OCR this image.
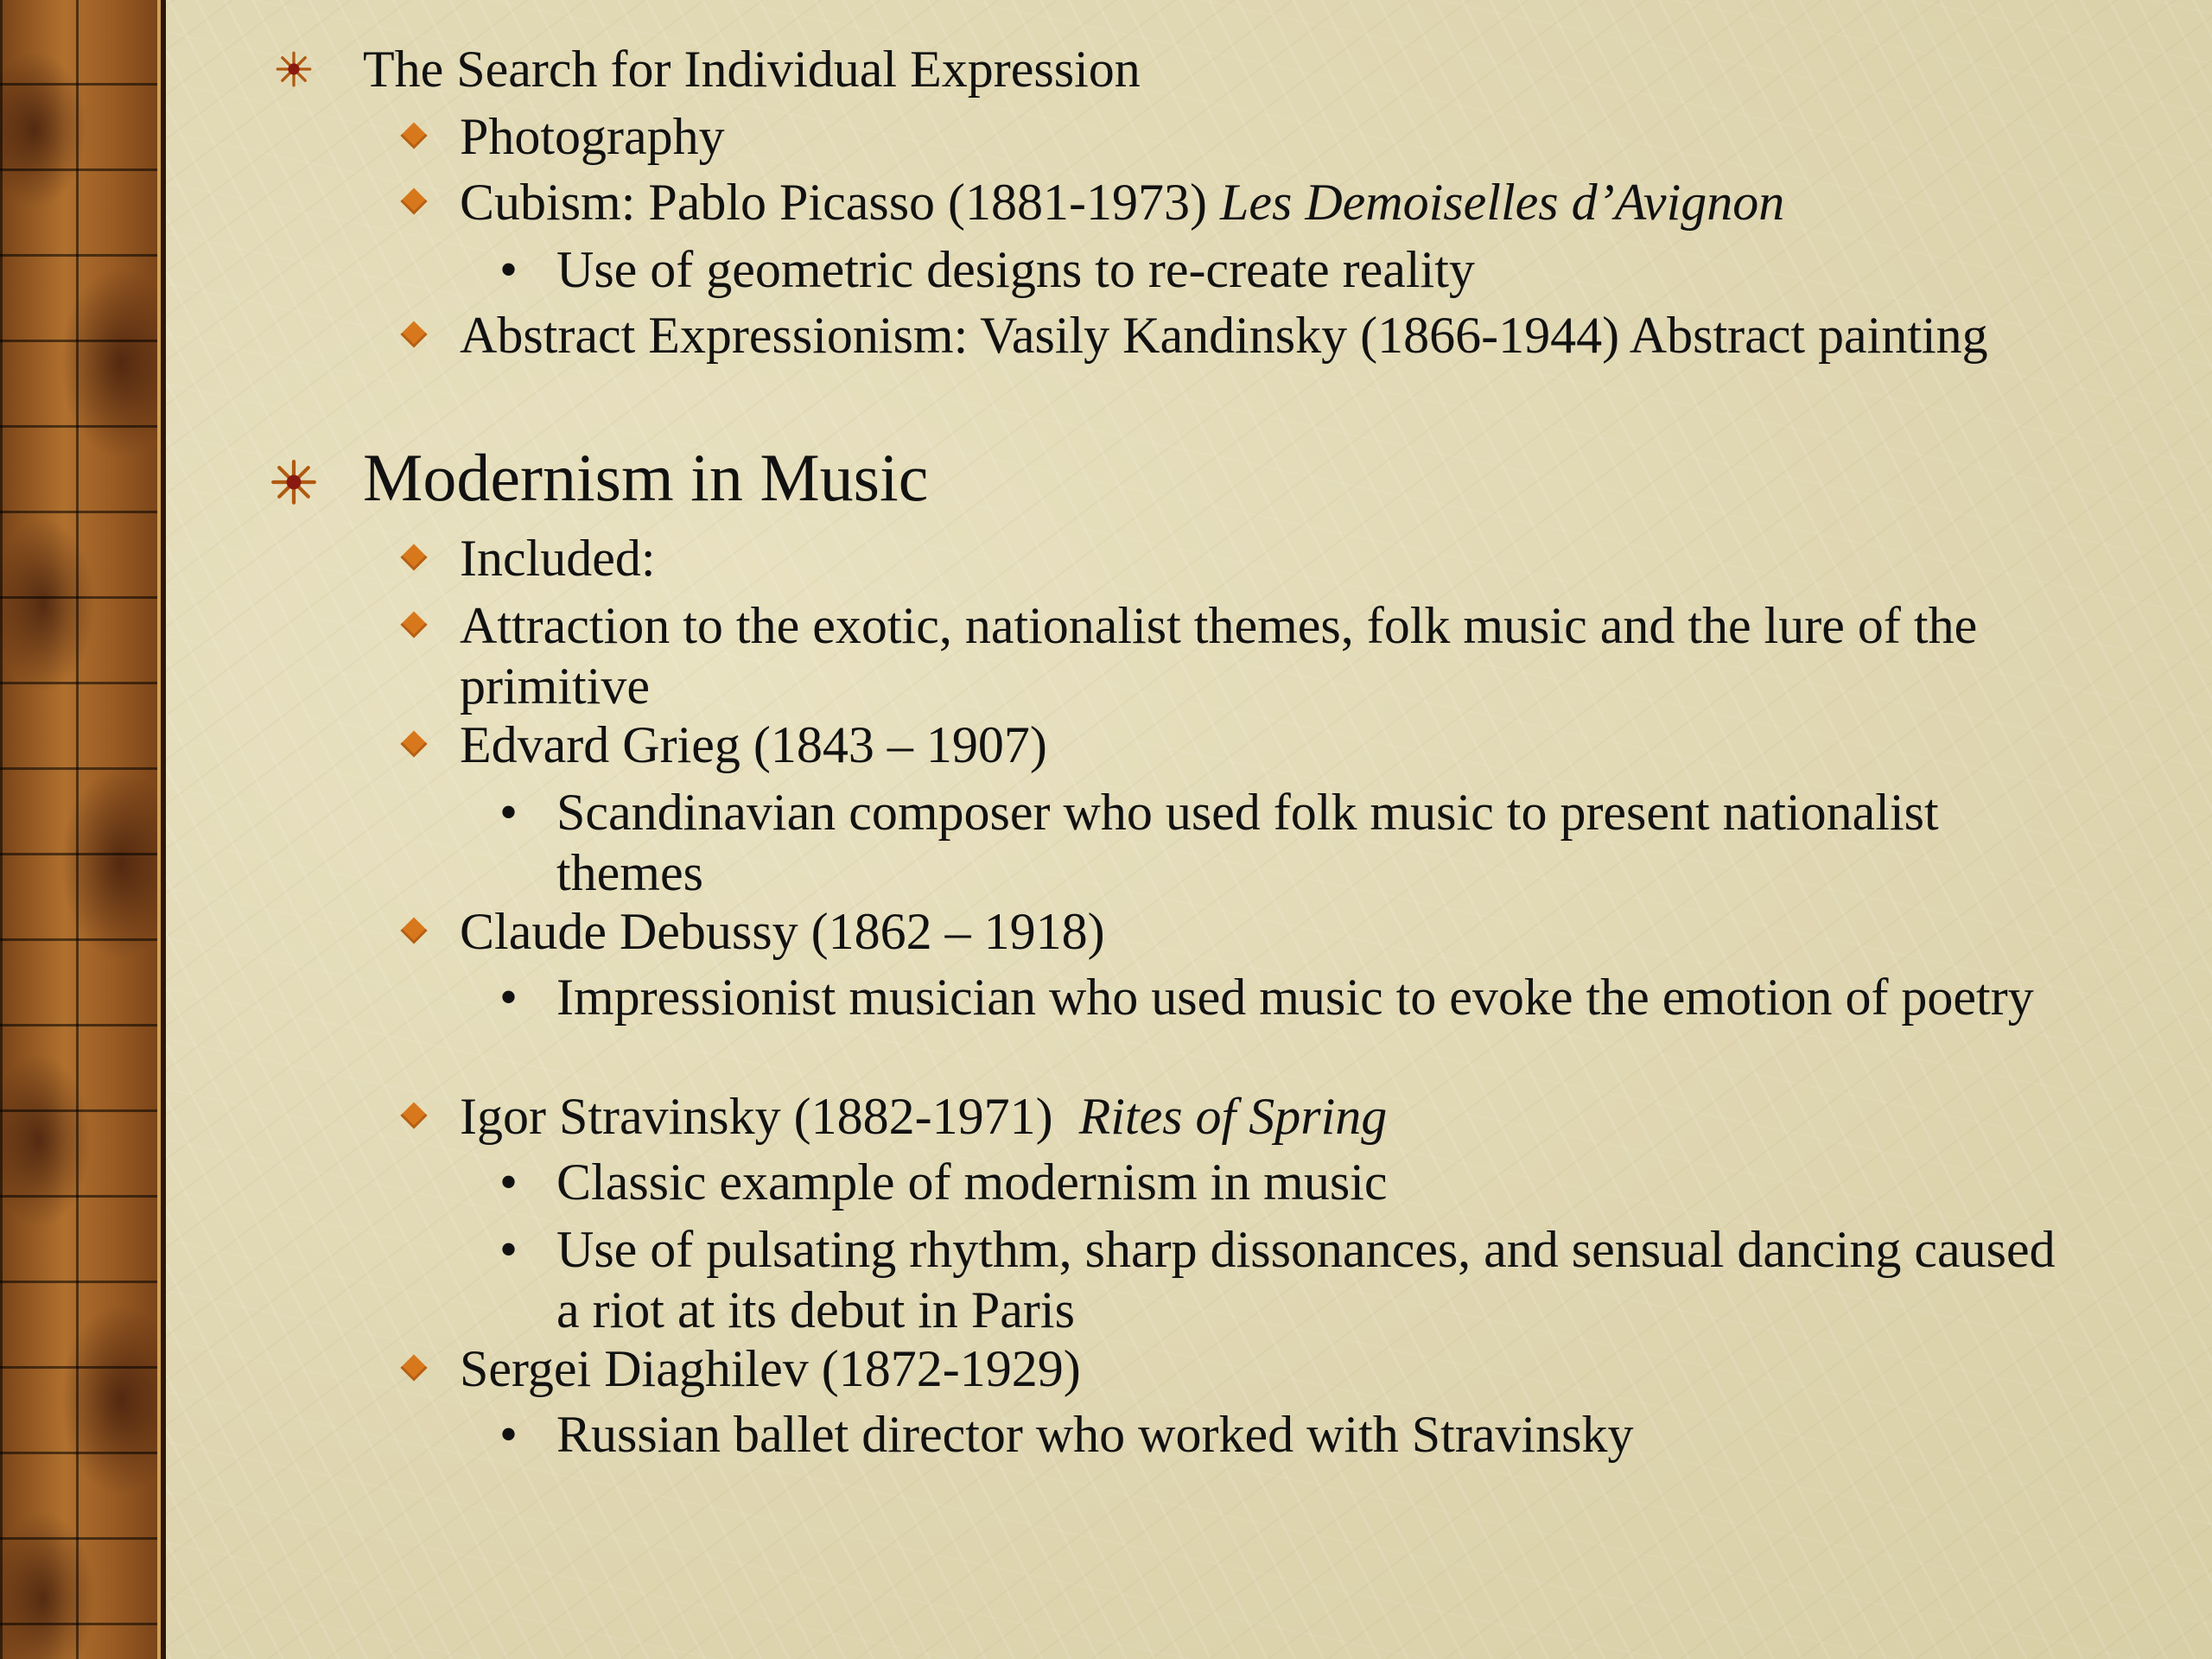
The Search for Individual Expression
Photography
Cubism: Pablo Picasso (1881-1973) Les Demoiselles d’Avignon
• Use of geometric designs to re-create reality
Abstract Expressionism: Vasily Kandinsky (1866-1944) Abstract painting
Modernism in Music
Included:
Attraction to the exotic, nationalist themes, folk music and the lure of the primitive
Edvard Grieg (1843 – 1907)
• Scandinavian composer who used folk music to present nationalist themes
Claude Debussy (1862 – 1918)
• Impressionist musician who used music to evoke the emotion of poetry
Igor Stravinsky (1882-1971)  Rites of Spring
• Classic example of modernism in music
• Use of pulsating rhythm, sharp dissonances, and sensual dancing caused a riot at its debut in Paris
Sergei Diaghilev (1872-1929)
• Russian ballet director who worked with Stravinsky
